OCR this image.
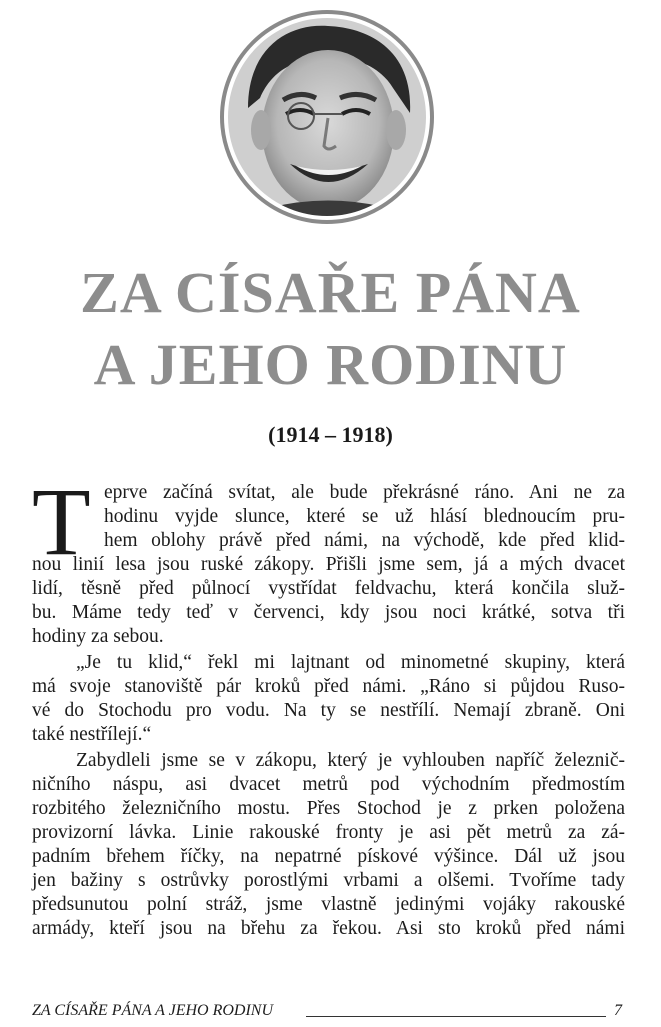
ZA CÍSAŘE PÁNA
A JEHO RODINU
(1914 – 1918)
T eprve začíná svítat, ale bude překrásné ráno. Ani ne za
hodinu vyjde slunce, které se už hlásí blednoucím pru-
hem oblohy právě před námi, na východě, kde před klid-
nou linií lesa jsou ruské zákopy. Přišli jsme sem, já a mých dvacet
lidí, těsně před půlnocí vystřídat feldvachu, která končila služ-
bu. Máme tedy teď v červenci, kdy jsou noci krátké, sotva tři
hodiny za sebou.
„Je tu klid,“ řekl mi lajtnant od minometné skupiny, která
má svoje stanoviště pár kroků před námi. „Ráno si půjdou Ruso-
vé do Stochodu pro vodu. Na ty se nestřílí. Nemají zbraně. Oni
také nestřílejí.“
Zabydleli jsme se v zákopu, který je vyhlouben napříč železnič-
ničního náspu, asi dvacet metrů pod východním předmostím
rozbitého železničního mostu. Přes Stochod je z prken položena
provizorní lávka. Linie rakouské fronty je asi pět metrů za zá-
padním břehem říčky, na nepatrné pískové výšince. Dál už jsou
jen bažiny s ostrůvky porostlými vrbami a olšemi. Tvoříme tady
předsunutou polní stráž, jsme vlastně jedinými vojáky rakouské
armády, kteří jsou na břehu za řekou. Asi sto kroků před námi
ZA CÍSAŘE PÁNA A JEHO RODINU	7
